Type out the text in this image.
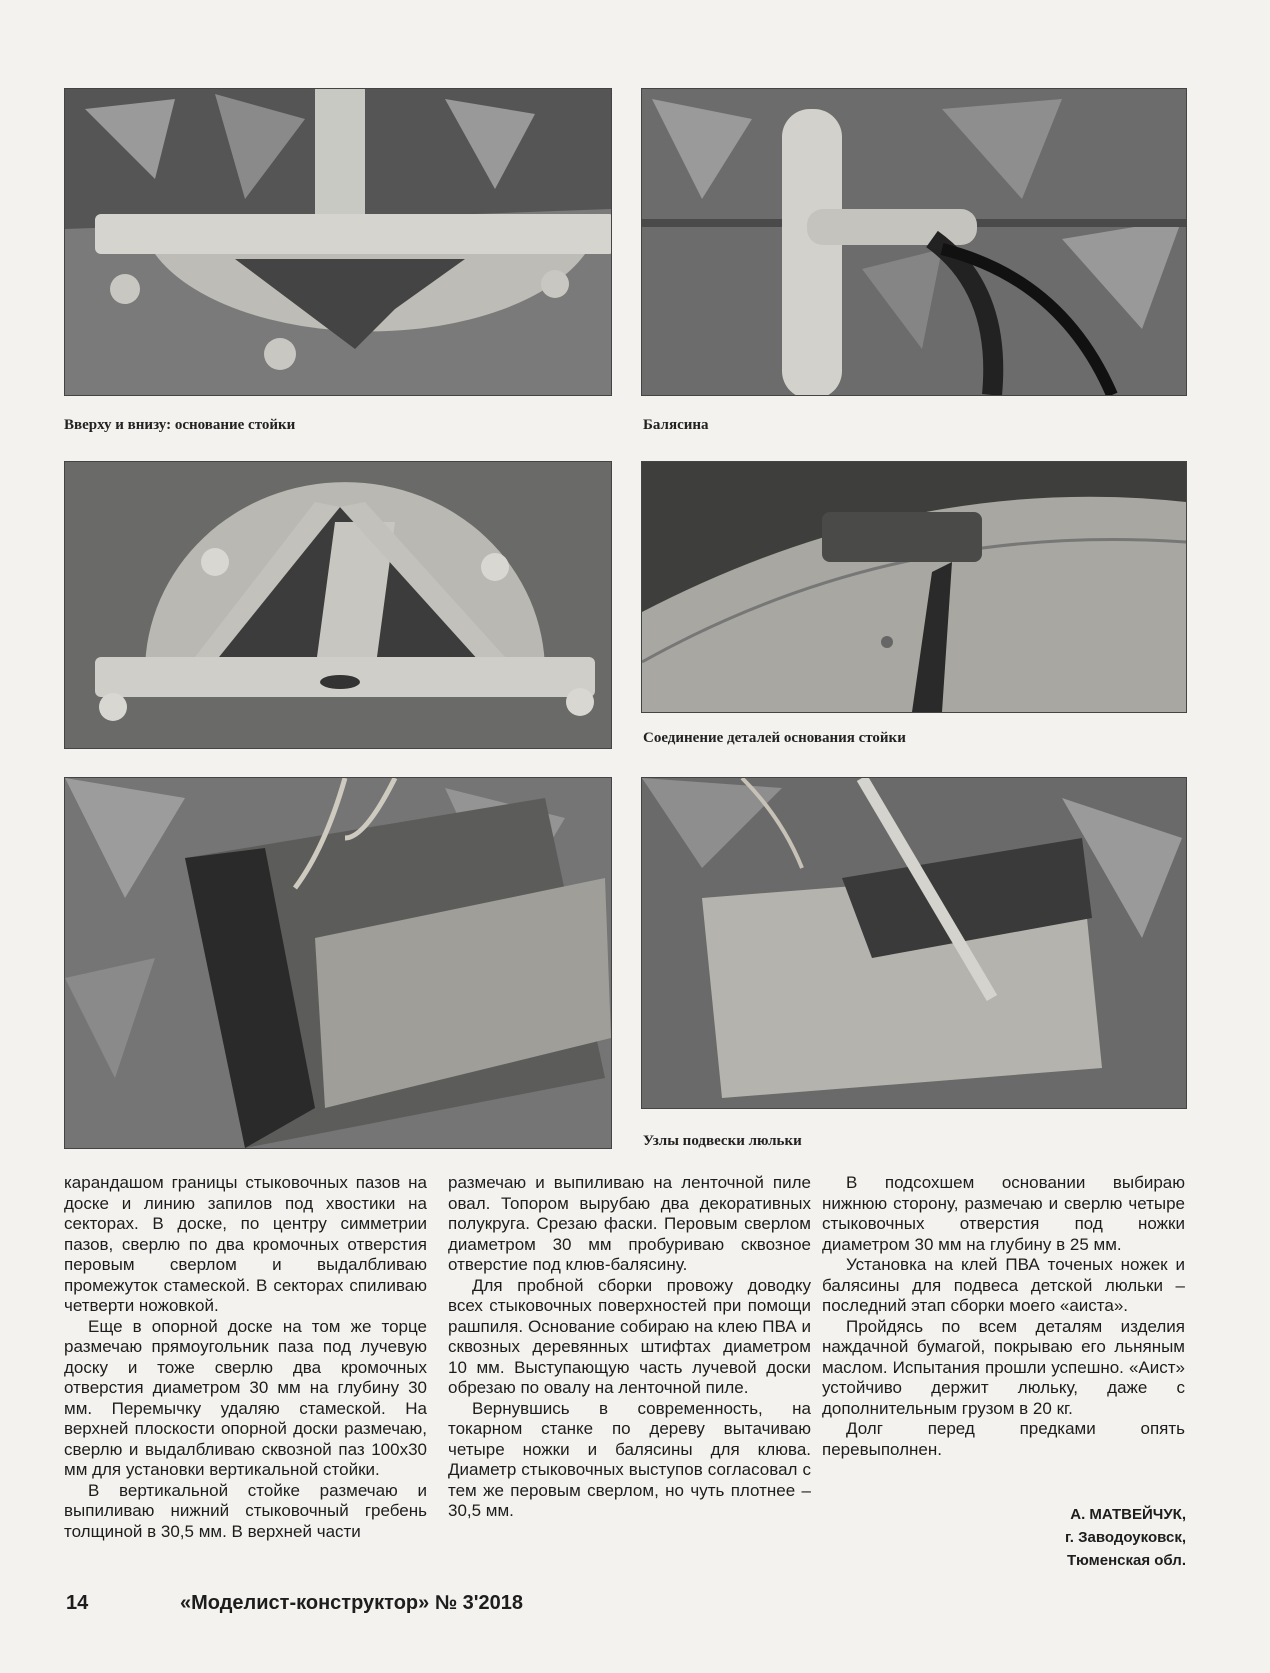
Вверху и внизу: основание стойки	Балясина
Соединение деталей основания стойки
Узлы подвески люльки

карандашом границы стыковочных пазов на доске и линию запилов под хвостики на секторах. В доске, по центру симметрии пазов, сверлю по два кромочных отверстия перовым сверлом и выдалбливаю промежуток стамеской. В секторах спиливаю четверти ножовкой.

Еще в опорной доске на том же торце размечаю прямоугольник паза под лучевую доску и тоже сверлю два кромочных отверстия диаметром 30 мм на глубину 30 мм. Перемычку удаляю стамеской. На верхней плоскости опорной доски размечаю, сверлю и выдалбливаю сквозной паз 100х30 мм для установки вертикальной стойки.

В вертикальной стойке размечаю и выпиливаю нижний стыковочный гребень толщиной в 30,5 мм. В верхней части

размечаю и выпиливаю на ленточной пиле овал. Топором вырубаю два декоративных полукруга. Срезаю фаски. Перовым сверлом диаметром 30 мм пробуриваю сквозное отверстие под клюв-балясину.

Для пробной сборки провожу доводку всех стыковочных поверхностей при помощи рашпиля. Основание собираю на клею ПВА и сквозных деревянных штифтах диаметром 10 мм. Выступающую часть лучевой доски обрезаю по овалу на ленточной пиле.

Вернувшись в современность, на токарном станке по дереву вытачиваю четыре ножки и балясины для клюва. Диаметр стыковочных выступов согласовал с тем же перовым сверлом, но чуть плотнее – 30,5 мм.

В подсохшем основании выбираю нижнюю сторону, размечаю и сверлю четыре стыковочных отверстия под ножки диаметром 30 мм на глубину в 25 мм.

Установка на клей ПВА точеных ножек и балясины для подвеса детской люльки – последний этап сборки моего «аиста».

Пройдясь по всем деталям изделия наждачной бумагой, покрываю его льняным маслом. Испытания прошли успешно. «Аист» устойчиво держит люльку, даже с дополнительным грузом в 20 кг.

Долг перед предками опять перевыполнен.

А. МАТВЕЙЧУК,
г. Заводоуковск,
Тюменская обл.
14	«Моделист-конструктор» № 3'2018
